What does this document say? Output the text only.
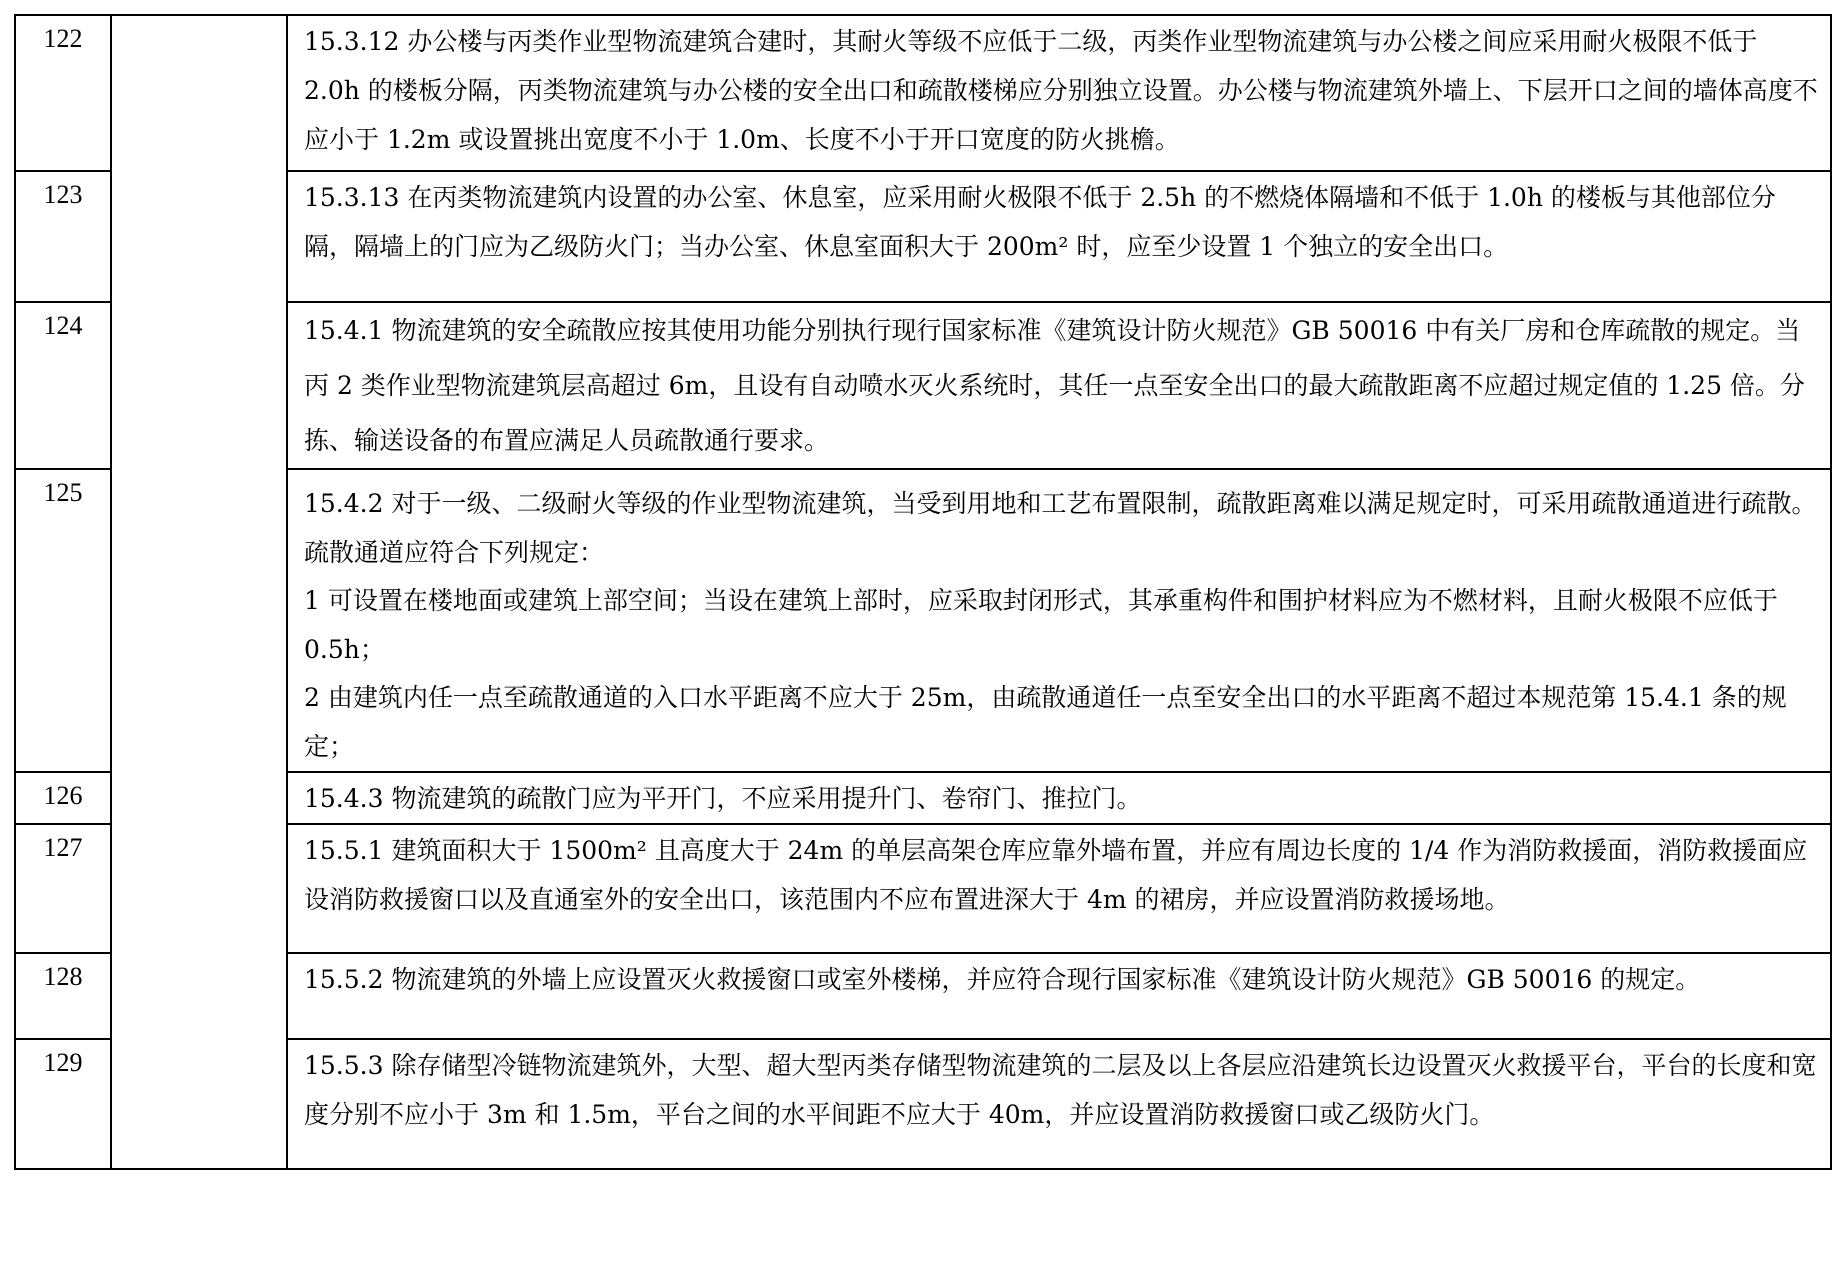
122		15.3.12 办公楼与丙类作业型物流建筑合建时，其耐火等级不应低于二级，丙类作业型物流建筑与办公楼之间应采用耐火极限不低于 2.0h 的楼板分隔，丙类物流建筑与办公楼的安全出口和疏散楼梯应分别独立设置。办公楼与物流建筑外墙上、下层开口之间的墙体高度不应小于 1.2m 或设置挑出宽度不小于 1.0m、长度不小于开口宽度的防火挑檐。

123		15.3.13 在丙类物流建筑内设置的办公室、休息室，应采用耐火极限不低于 2.5h 的不燃烧体隔墙和不低于 1.0h 的楼板与其他部位分隔，隔墙上的门应为乙级防火门；当办公室、休息室面积大于 200m² 时，应至少设置 1 个独立的安全出口。

124		15.4.1 物流建筑的安全疏散应按其使用功能分别执行现行国家标准《建筑设计防火规范》GB 50016 中有关厂房和仓库疏散的规定。当丙 2 类作业型物流建筑层高超过 6m，且设有自动喷水灭火系统时，其任一点至安全出口的最大疏散距离不应超过规定值的 1.25 倍。分拣、输送设备的布置应满足人员疏散通行要求。

125		15.4.2 对于一级、二级耐火等级的作业型物流建筑，当受到用地和工艺布置限制，疏散距离难以满足规定时，可采用疏散通道进行疏散。疏散通道应符合下列规定：

1 可设置在楼地面或建筑上部空间；当设在建筑上部时，应采取封闭形式，其承重构件和围护材料应为不燃材料，且耐火极限不应低于 0.5h；

2 由建筑内任一点至疏散通道的入口水平距离不应大于 25m，由疏散通道任一点至安全出口的水平距离不超过本规范第 15.4.1 条的规定；

126		15.4.3 物流建筑的疏散门应为平开门，不应采用提升门、卷帘门、推拉门。

127		15.5.1 建筑面积大于 1500m² 且高度大于 24m 的单层高架仓库应靠外墙布置，并应有周边长度的 1/4 作为消防救援面，消防救援面应设消防救援窗口以及直通室外的安全出口，该范围内不应布置进深大于 4m 的裙房，并应设置消防救援场地。

128		15.5.2 物流建筑的外墙上应设置灭火救援窗口或室外楼梯，并应符合现行国家标准《建筑设计防火规范》GB 50016 的规定。

129		15.5.3 除存储型冷链物流建筑外，大型、超大型丙类存储型物流建筑的二层及以上各层应沿建筑长边设置灭火救援平台，平台的长度和宽度分别不应小于 3m 和 1.5m，平台之间的水平间距不应大于 40m，并应设置消防救援窗口或乙级防火门。
